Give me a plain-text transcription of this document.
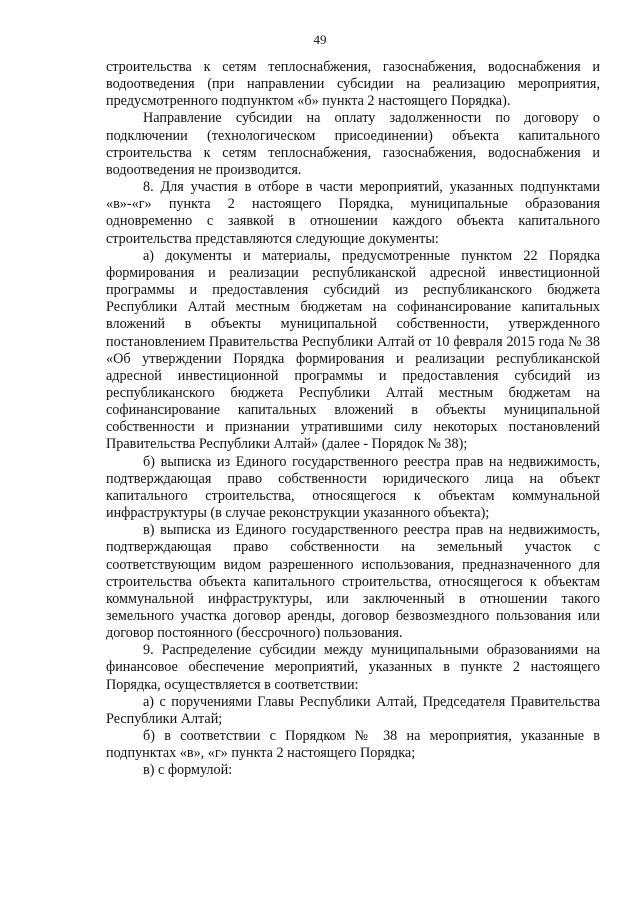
49

строительства к сетям теплоснабжения, газоснабжения, водоснабжения и водоотведения (при направлении субсидии на реализацию мероприятия, предусмотренного подпунктом «б» пункта 2 настоящего Порядка).

Направление субсидии на оплату задолженности по договору о подключении (технологическом присоединении) объекта капитального строительства к сетям теплоснабжения, газоснабжения, водоснабжения и водоотведения не производится.

8. Для участия в отборе в части мероприятий, указанных подпунктами «в»-«г» пункта 2 настоящего Порядка, муниципальные образования одновременно с заявкой в отношении каждого объекта капитального строительства представляются следующие документы:

а) документы и материалы, предусмотренные пунктом 22 Порядка формирования и реализации республиканской адресной инвестиционной программы и предоставления субсидий из республиканского бюджета Республики Алтай местным бюджетам на софинансирование капитальных вложений в объекты муниципальной собственности, утвержденного постановлением Правительства Республики Алтай от 10 февраля 2015 года № 38 «Об утверждении Порядка формирования и реализации республиканской адресной инвестиционной программы и предоставления субсидий из республиканского бюджета Республики Алтай местным бюджетам на софинансирование капитальных вложений в объекты муниципальной собственности и признании утратившими силу некоторых постановлений Правительства Республики Алтай» (далее - Порядок № 38);

б) выписка из Единого государственного реестра прав на недвижимость, подтверждающая право собственности юридического лица на объект капитального строительства, относящегося к объектам коммунальной инфраструктуры (в случае реконструкции указанного объекта);

в) выписка из Единого государственного реестра прав на недвижимость, подтверждающая право собственности на земельный участок с соответствующим видом разрешенного использования, предназначенного для строительства объекта капитального строительства, относящегося к объектам коммунальной инфраструктуры, или заключенный в отношении такого земельного участка договор аренды, договор безвозмездного пользования или договор постоянного (бессрочного) пользования.

9. Распределение субсидии между муниципальными образованиями на финансовое обеспечение мероприятий, указанных в пункте 2 настоящего Порядка, осуществляется в соответствии:

а) с поручениями Главы Республики Алтай, Председателя Правительства Республики Алтай;

б) в соответствии с Порядком № 38 на мероприятия, указанные в подпунктах «в», «г» пункта 2 настоящего Порядка;

в) с формулой:
